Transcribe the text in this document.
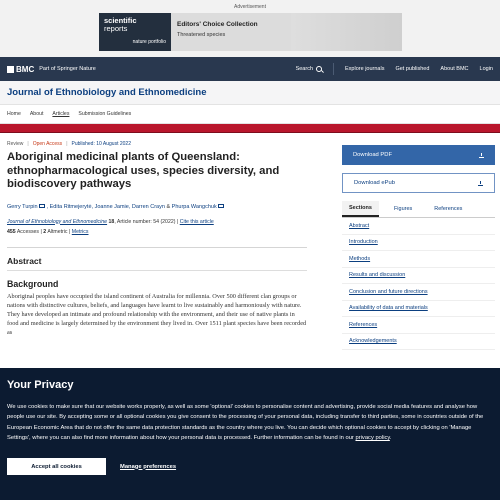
Advertisement
scientific
reports
nature portfolio
Editors' Choice Collection
Threatened species
BMC Part of Springer Nature	Search	Explore journals Get published About BMC Login
Journal of Ethnobiology and Ethnomedicine
Home About Articles Submission Guidelines
Review | Open Access | Published: 10 August 2022
Aboriginal medicinal plants of Queensland: ethnopharmacological uses, species diversity, and biodiscovery pathways
Gerry Turpin , Edita Ritmejerytė, Joanne Jamie, Darren Crayn & Phurpa Wangchuk
Journal of Ethnobiology and Ethnomedicine 18, Article number: 54 (2022) | Cite this article
455 Accesses | 2 Altmetric | Metrics
Abstract
Background

Aboriginal peoples have occupied the island continent of Australia for millennia. Over 500 different clan groups or nations with distinctive cultures, beliefs, and languages have learnt to live sustainably and harmoniously with nature. They have developed an intimate and profound relationship with the environment, and their use of native plants in food and medicine is largely determined by the environment they lived in. Over 1511 plant species have been recorded as

Download PDF
Download ePub
Sections	Figures	References
Abstract
Introduction
Methods
Results and discussion
Conclusion and future directions
Availability of data and materials
References
Acknowledgements
Your Privacy

We use cookies to make sure that our website works properly, as well as some 'optional' cookies to personalise content and advertising, provide social media features and analyse how people use our site. By accepting some or all optional cookies you give consent to the processing of your personal data, including transfer to third parties, some in countries outside of the European Economic Area that do not offer the same data protection standards as the country where you live. You can decide which optional cookies to accept by clicking on 'Manage Settings', where you can also find more information about how your personal data is processed. Further information can be found in our privacy policy.

Accept all cookies	Manage preferences
